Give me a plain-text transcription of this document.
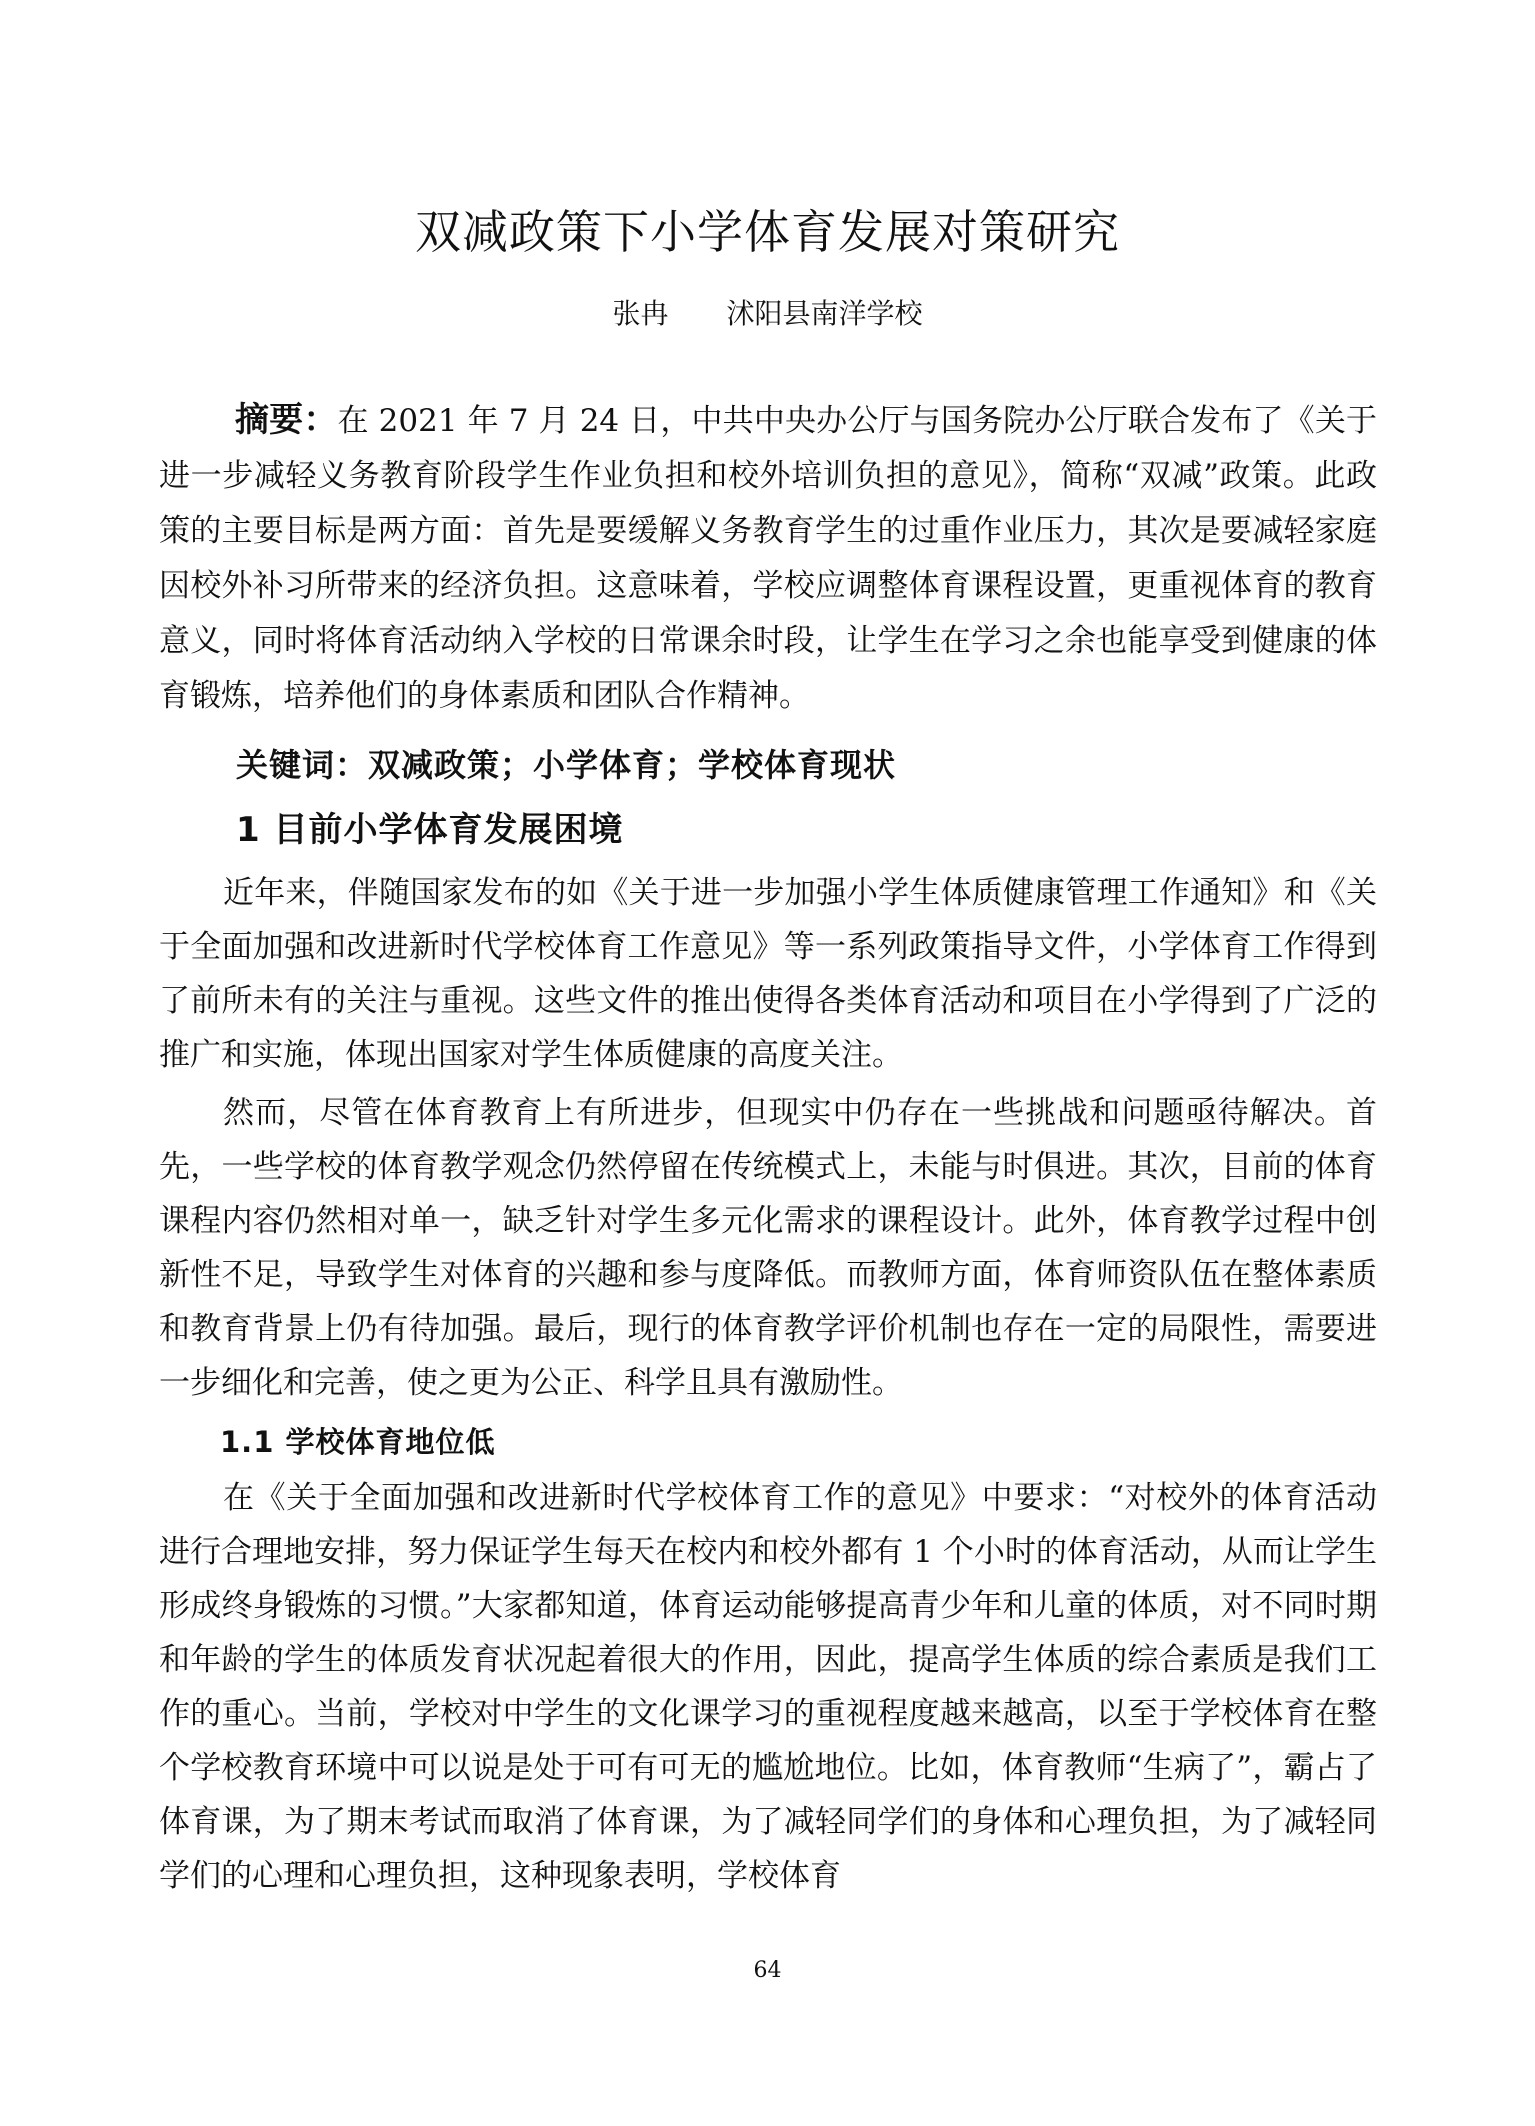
双减政策下小学体育发展对策研究

张冉 沭阳县南洋学校

摘要：在 2021 年 7 月 24 日，中共中央办公厅与国务院办公厅联合发布了《关于进一步减轻义务教育阶段学生作业负担和校外培训负担的意见》，简称“双减”政策。此政策的主要目标是两方面：首先是要缓解义务教育学生的过重作业压力，其次是要减轻家庭因校外补习所带来的经济负担。这意味着，学校应调整体育课程设置，更重视体育的教育意义，同时将体育活动纳入学校的日常课余时段，让学生在学习之余也能享受到健康的体育锻炼，培养他们的身体素质和团队合作精神。

关键词：双减政策；小学体育；学校体育现状

1 目前小学体育发展困境

近年来，伴随国家发布的如《关于进一步加强小学生体质健康管理工作通知》和《关于全面加强和改进新时代学校体育工作意见》等一系列政策指导文件，小学体育工作得到了前所未有的关注与重视。这些文件的推出使得各类体育活动和项目在小学得到了广泛的推广和实施，体现出国家对学生体质健康的高度关注。

然而，尽管在体育教育上有所进步，但现实中仍存在一些挑战和问题亟待解决。首先，一些学校的体育教学观念仍然停留在传统模式上，未能与时俱进。其次，目前的体育课程内容仍然相对单一，缺乏针对学生多元化需求的课程设计。此外，体育教学过程中创新性不足，导致学生对体育的兴趣和参与度降低。而教师方面，体育师资队伍在整体素质和教育背景上仍有待加强。最后，现行的体育教学评价机制也存在一定的局限性，需要进一步细化和完善，使之更为公正、科学且具有激励性。

1.1 学校体育地位低

在《关于全面加强和改进新时代学校体育工作的意见》中要求：“对校外的体育活动进行合理地安排，努力保证学生每天在校内和校外都有 1 个小时的体育活动，从而让学生形成终身锻炼的习惯。”大家都知道，体育运动能够提高青少年和儿童的体质，对不同时期和年龄的学生的体质发育状况起着很大的作用，因此，提高学生体质的综合素质是我们工作的重心。当前，学校对中学生的文化课学习的重视程度越来越高，以至于学校体育在整个学校教育环境中可以说是处于可有可无的尴尬地位。比如，体育教师“生病了”，霸占了体育课，为了期末考试而取消了体育课，为了减轻同学们的身体和心理负担，为了减轻同学们的心理和心理负担，这种现象表明，学校体育

64
